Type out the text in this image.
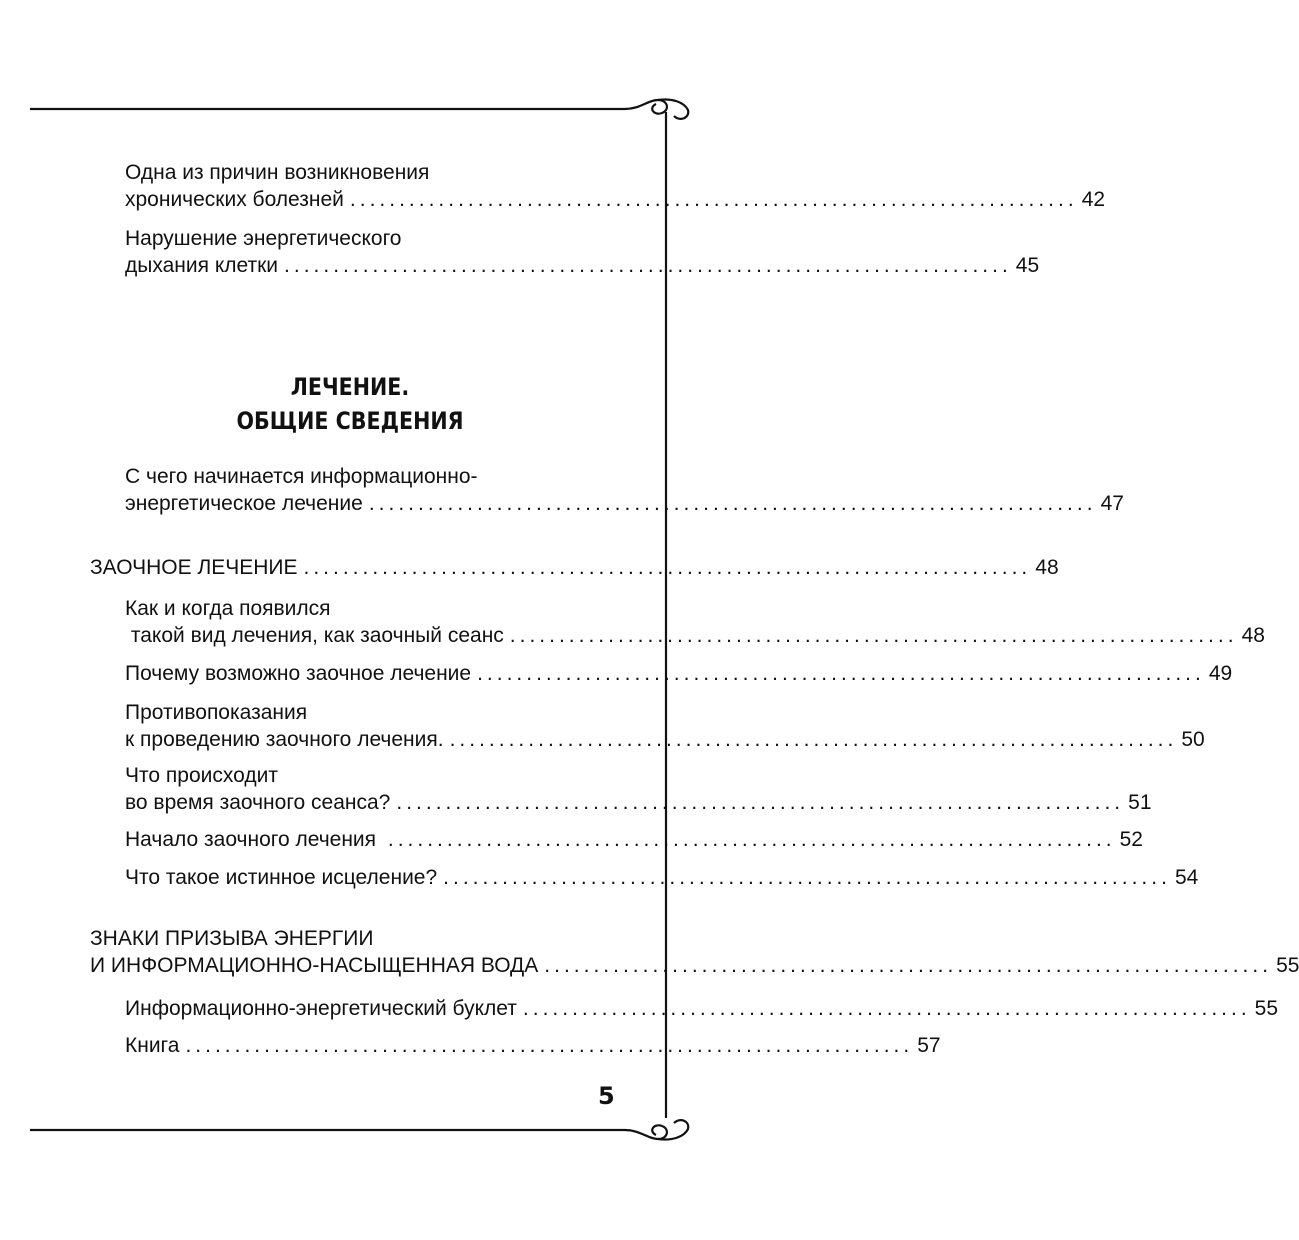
Одна из причин возникновения
хронических болезней .......................................................................... 42
Нарушение энергетического
дыхания клетки .......................................................................... 45
ЛЕЧЕНИЕ.
ОБЩИЕ СВЕДЕНИЯ
С чего начинается информационно-
энергетическое лечение .......................................................................... 47
ЗАОЧНОЕ ЛЕЧЕНИЕ .......................................................................... 48
Как и когда появился
такой вид лечения, как заочный сеанс .......................................................................... 48
Почему возможно заочное лечение .......................................................................... 49
Противопоказания
к проведению заочного лечения. .......................................................................... 50
Что происходит
во время заочного сеанса? .......................................................................... 51
Начало заочного лечения .......................................................................... 52
Что такое истинное исцеление? .......................................................................... 54
ЗНАКИ ПРИЗЫВА ЭНЕРГИИ
И ИНФОРМАЦИОННО-НАСЫЩЕННАЯ ВОДА .......................................................................... 55
Информационно-энергетический буклет .......................................................................... 55
Книга .......................................................................... 57
5
